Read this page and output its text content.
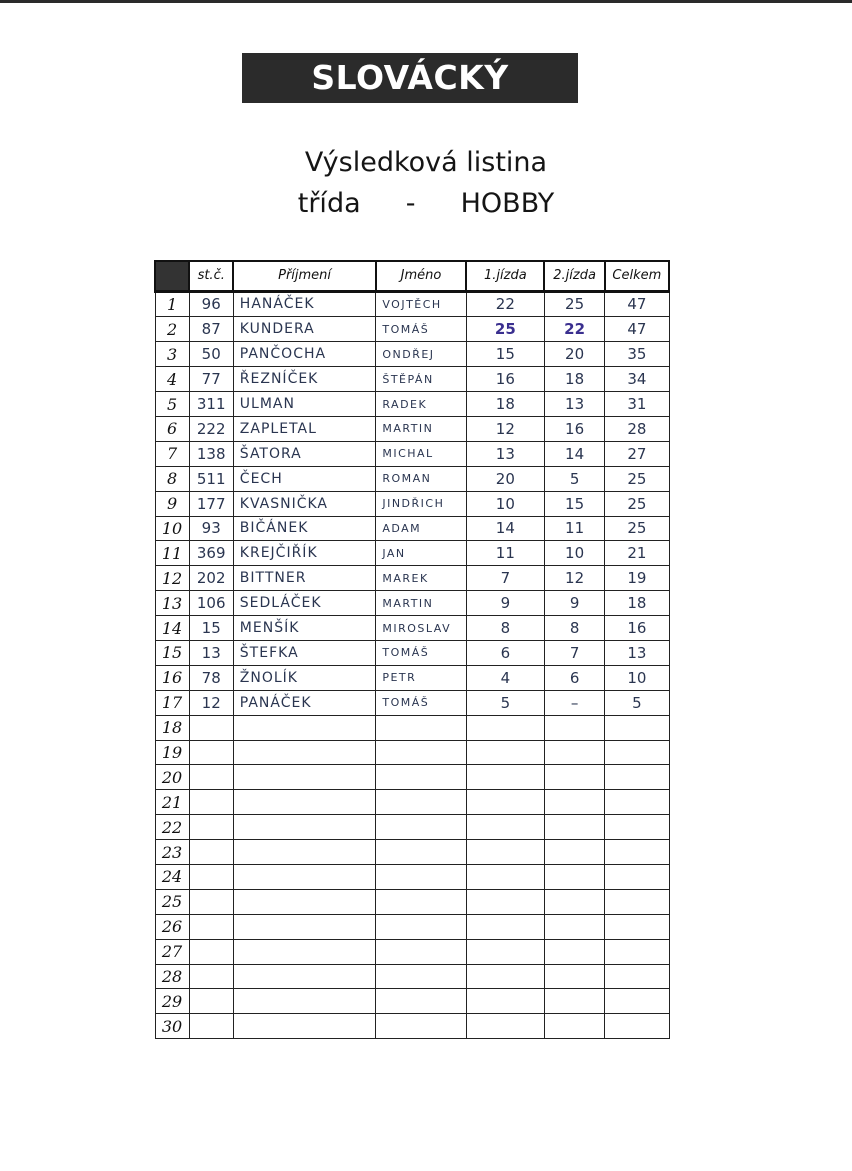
SLOVÁCKÝ POHÁR
Výsledková listina
třída - HOBBY
	st.č.	Příjmení	Jméno	1.jízda	2.jízda	Celkem
1	96	HANÁČEK	VOJTĚCH	22	25	47
2	87	KUNDERA	TOMÁŠ	25	22	47
3	50	PANČOCHA	ONDŘEJ	15	20	35
4	77	ŘEZNÍČEK	ŠTĚPÁN	16	18	34
5	311	ULMAN	RADEK	18	13	31
6	222	ZAPLETAL	MARTIN	12	16	28
7	138	ŠATORA	MICHAL	13	14	27
8	511	ČECH	ROMAN	20	5	25
9	177	KVASNIČKA	JINDŘICH	10	15	25
10	93	BIČÁNEK	ADAM	14	11	25
11	369	KREJČIŘÍK	JAN	11	10	21
12	202	BITTNER	MAREK	7	12	19
13	106	SEDLÁČEK	MARTIN	9	9	18
14	15	MENŠÍK	MIROSLAV	8	8	16
15	13	ŠTEFKA	TOMÁŠ	6	7	13
16	78	ŽNOLÍK	PETR	4	6	10
17	12	PANÁČEK	TOMÁŠ	5	–	5
18						
19						
20						
21						
22						
23						
24						
25						
26						
27						
28						
29						
30						
